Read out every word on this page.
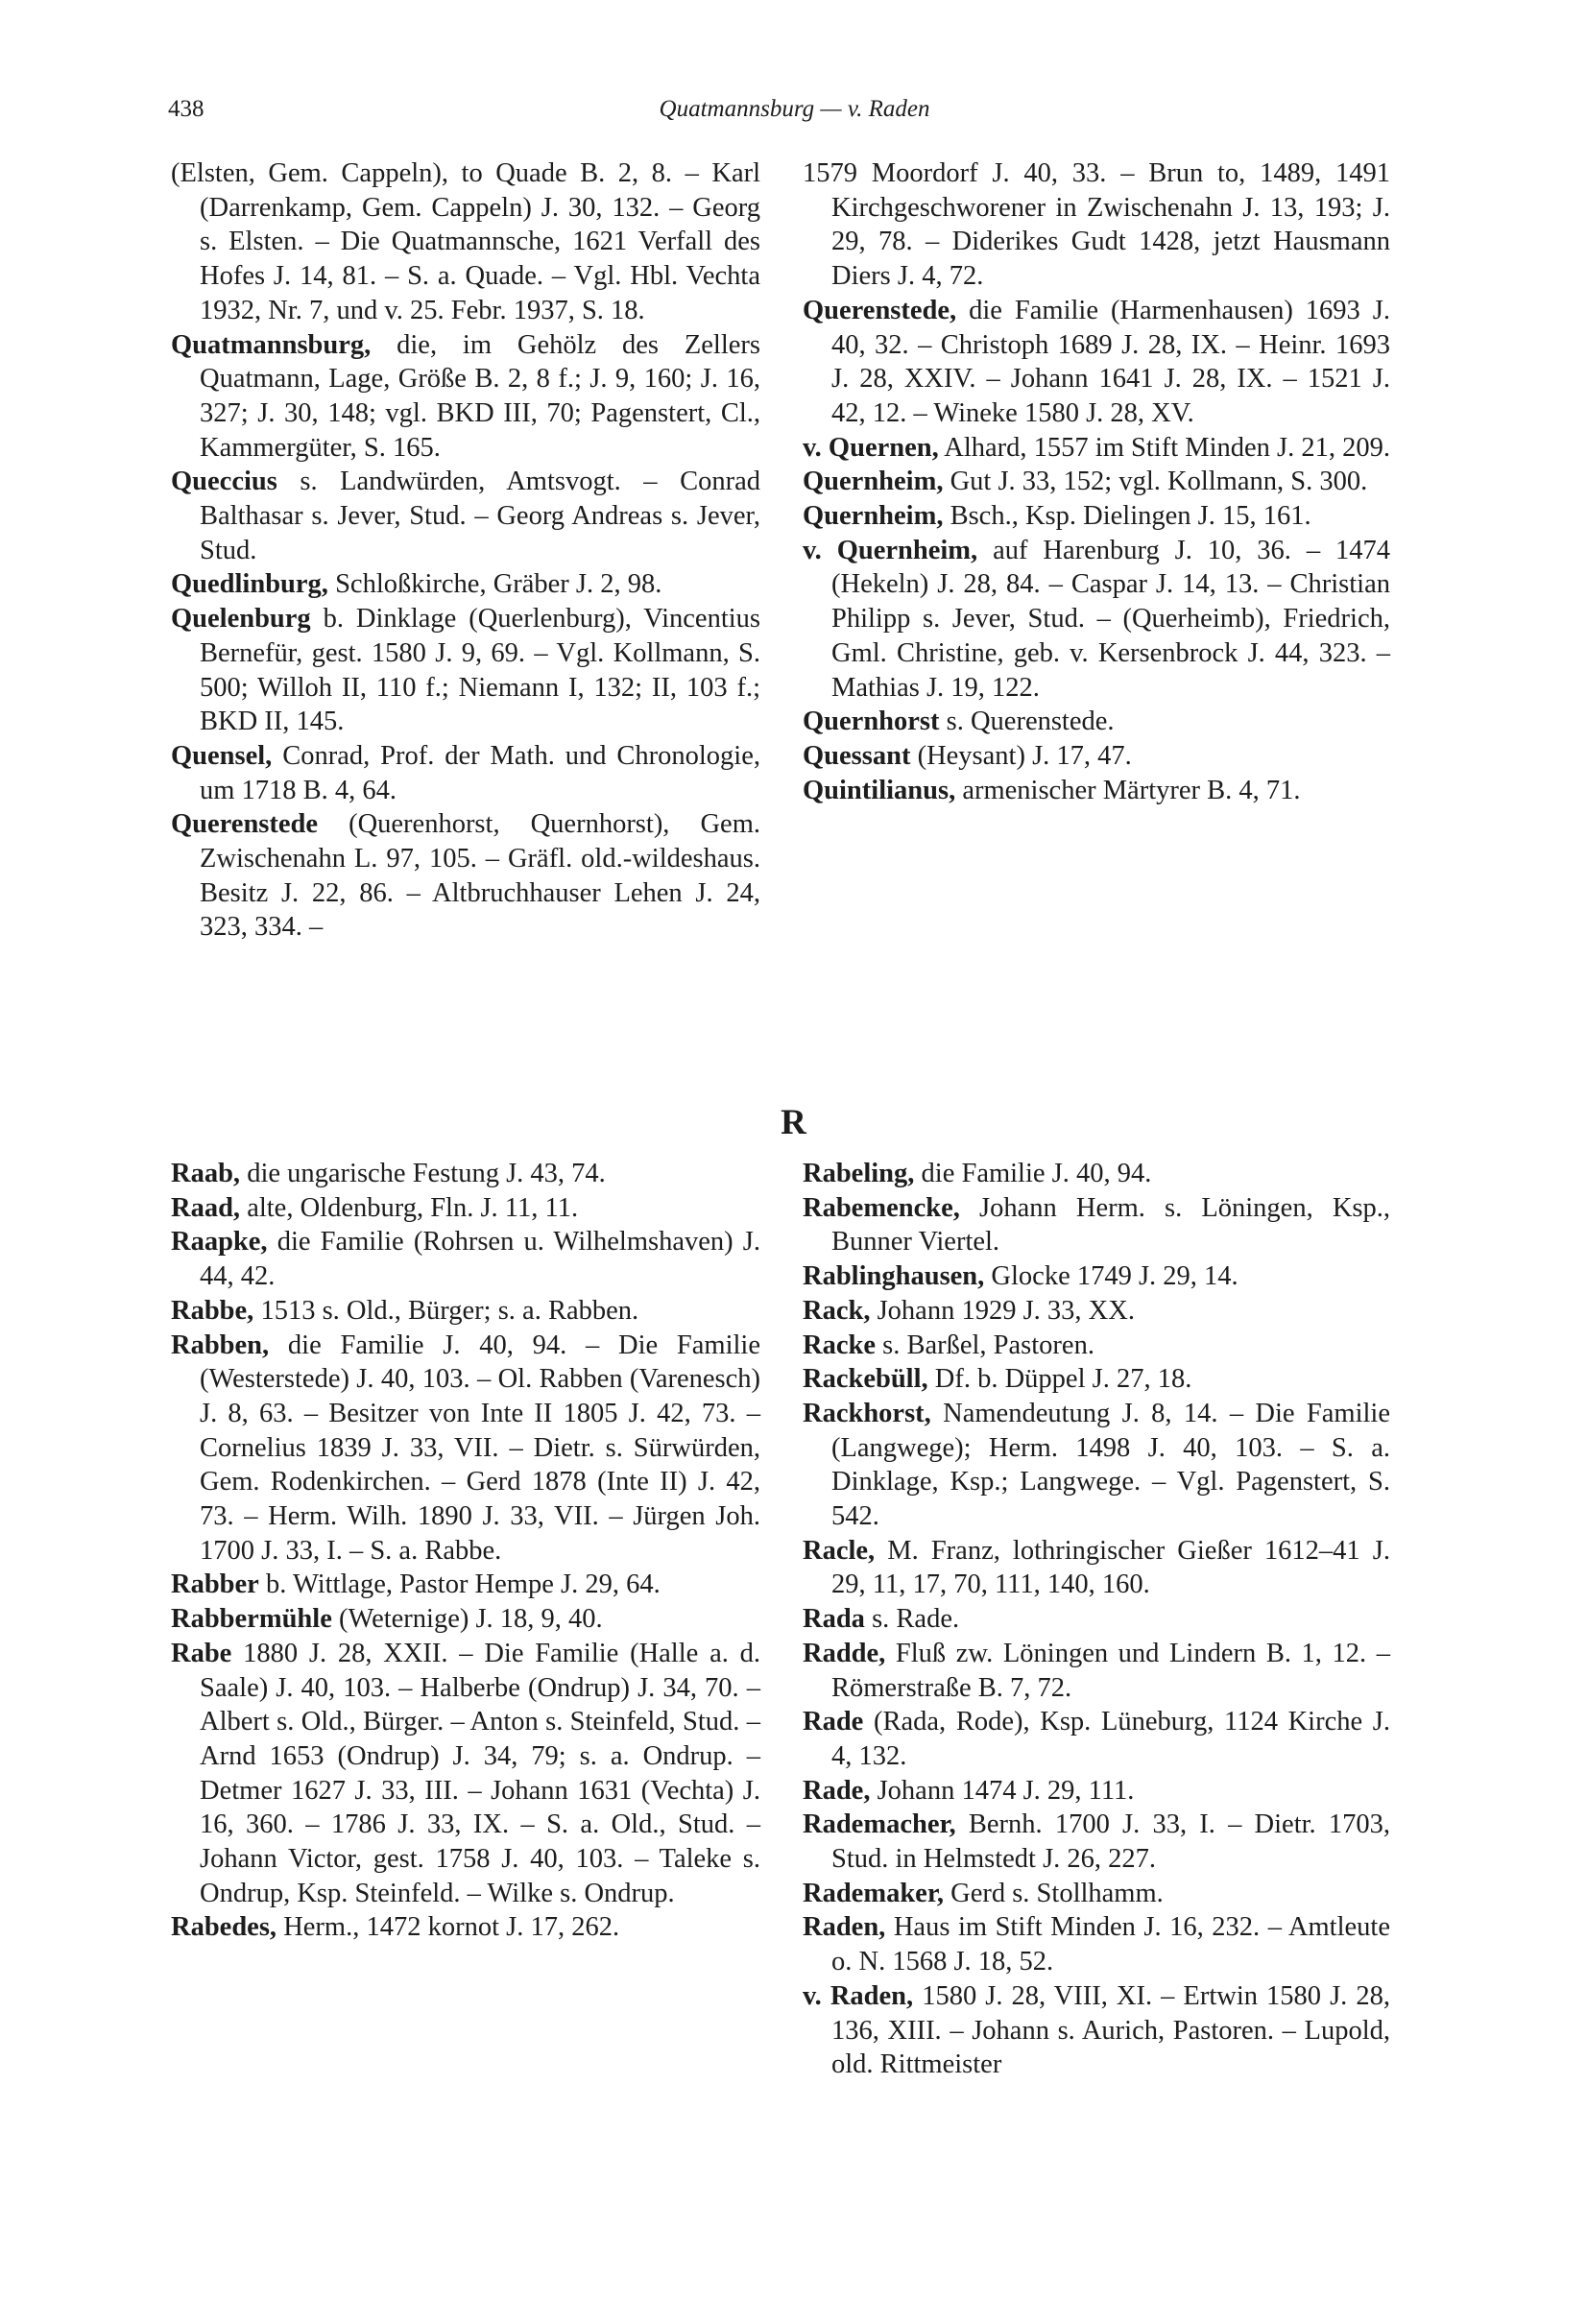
438	Quatmannsburg — v. Raden

(Elsten, Gem. Cappeln), to Quade B. 2, 8. – Karl (Darrenkamp, Gem. Cappeln) J. 30, 132. – Georg s. Elsten. – Die Quatmannsche, 1621 Verfall des Hofes J. 14, 81. – S. a. Quade. – Vgl. Hbl. Vechta 1932, Nr. 7, und v. 25. Febr. 1937, S. 18.

Quatmannsburg, die, im Gehölz des Zellers Quatmann, Lage, Größe B. 2, 8 f.; J. 9, 160; J. 16, 327; J. 30, 148; vgl. BKD III, 70; Pagenstert, Cl., Kammergüter, S. 165.

Queccius s. Landwürden, Amtsvogt. – Conrad Balthasar s. Jever, Stud. – Georg Andreas s. Jever, Stud.

Quedlinburg, Schloßkirche, Gräber J. 2, 98.

Quelenburg b. Dinklage (Querlenburg), Vincentius Bernefür, gest. 1580 J. 9, 69. – Vgl. Kollmann, S. 500; Willoh II, 110 f.; Niemann I, 132; II, 103 f.; BKD II, 145.

Quensel, Conrad, Prof. der Math. und Chronologie, um 1718 B. 4, 64.

Querenstede (Querenhorst, Quernhorst), Gem. Zwischenahn L. 97, 105. – Gräfl. old.-wildeshaus. Besitz J. 22, 86. – Altbruchhauser Lehen J. 24, 323, 334. –

1579 Moordorf J. 40, 33. – Brun to, 1489, 1491 Kirchgeschworener in Zwischenahn J. 13, 193; J. 29, 78. – Diderikes Gudt 1428, jetzt Hausmann Diers J. 4, 72.

Querenstede, die Familie (Harmenhausen) 1693 J. 40, 32. – Christoph 1689 J. 28, IX. – Heinr. 1693 J. 28, XXIV. – Johann 1641 J. 28, IX. – 1521 J. 42, 12. – Wineke 1580 J. 28, XV.

v. Quernen, Alhard, 1557 im Stift Minden J. 21, 209.

Quernheim, Gut J. 33, 152; vgl. Kollmann, S. 300.

Quernheim, Bsch., Ksp. Dielingen J. 15, 161.

v. Quernheim, auf Harenburg J. 10, 36. – 1474 (Hekeln) J. 28, 84. – Caspar J. 14, 13. – Christian Philipp s. Jever, Stud. – (Querheimb), Friedrich, Gml. Christine, geb. v. Kersenbrock J. 44, 323. – Mathias J. 19, 122.

Quernhorst s. Querenstede.

Quessant (Heysant) J. 17, 47.

Quintilianus, armenischer Märtyrer B. 4, 71.

R

Raab, die ungarische Festung J. 43, 74.

Raad, alte, Oldenburg, Fln. J. 11, 11.

Raapke, die Familie (Rohrsen u. Wilhelmshaven) J. 44, 42.

Rabbe, 1513 s. Old., Bürger; s. a. Rabben.

Rabben, die Familie J. 40, 94. – Die Familie (Westerstede) J. 40, 103. – Ol. Rabben (Varenesch) J. 8, 63. – Besitzer von Inte II 1805 J. 42, 73. – Cornelius 1839 J. 33, VII. – Dietr. s. Sürwürden, Gem. Rodenkirchen. – Gerd 1878 (Inte II) J. 42, 73. – Herm. Wilh. 1890 J. 33, VII. – Jürgen Joh. 1700 J. 33, I. – S. a. Rabbe.

Rabber b. Wittlage, Pastor Hempe J. 29, 64.

Rabbermühle (Weternige) J. 18, 9, 40.

Rabe 1880 J. 28, XXII. – Die Familie (Halle a. d. Saale) J. 40, 103. – Halberbe (Ondrup) J. 34, 70. – Albert s. Old., Bürger. – Anton s. Steinfeld, Stud. – Arnd 1653 (Ondrup) J. 34, 79; s. a. Ondrup. – Detmer 1627 J. 33, III. – Johann 1631 (Vechta) J. 16, 360. – 1786 J. 33, IX. – S. a. Old., Stud. – Johann Victor, gest. 1758 J. 40, 103. – Taleke s. Ondrup, Ksp. Steinfeld. – Wilke s. Ondrup.

Rabedes, Herm., 1472 kornot J. 17, 262.

Rabeling, die Familie J. 40, 94.

Rabemencke, Johann Herm. s. Löningen, Ksp., Bunner Viertel.

Rablinghausen, Glocke 1749 J. 29, 14.

Rack, Johann 1929 J. 33, XX.

Racke s. Barßel, Pastoren.

Rackebüll, Df. b. Düppel J. 27, 18.

Rackhorst, Namendeutung J. 8, 14. – Die Familie (Langwege); Herm. 1498 J. 40, 103. – S. a. Dinklage, Ksp.; Langwege. – Vgl. Pagenstert, S. 542.

Racle, M. Franz, lothringischer Gießer 1612–41 J. 29, 11, 17, 70, 111, 140, 160.

Rada s. Rade.

Radde, Fluß zw. Löningen und Lindern B. 1, 12. – Römerstraße B. 7, 72.

Rade (Rada, Rode), Ksp. Lüneburg, 1124 Kirche J. 4, 132.

Rade, Johann 1474 J. 29, 111.

Rademacher, Bernh. 1700 J. 33, I. – Dietr. 1703, Stud. in Helmstedt J. 26, 227.

Rademaker, Gerd s. Stollhamm.

Raden, Haus im Stift Minden J. 16, 232. – Amtleute o. N. 1568 J. 18, 52.

v. Raden, 1580 J. 28, VIII, XI. – Ertwin 1580 J. 28, 136, XIII. – Johann s. Aurich, Pastoren. – Lupold, old. Rittmeister
